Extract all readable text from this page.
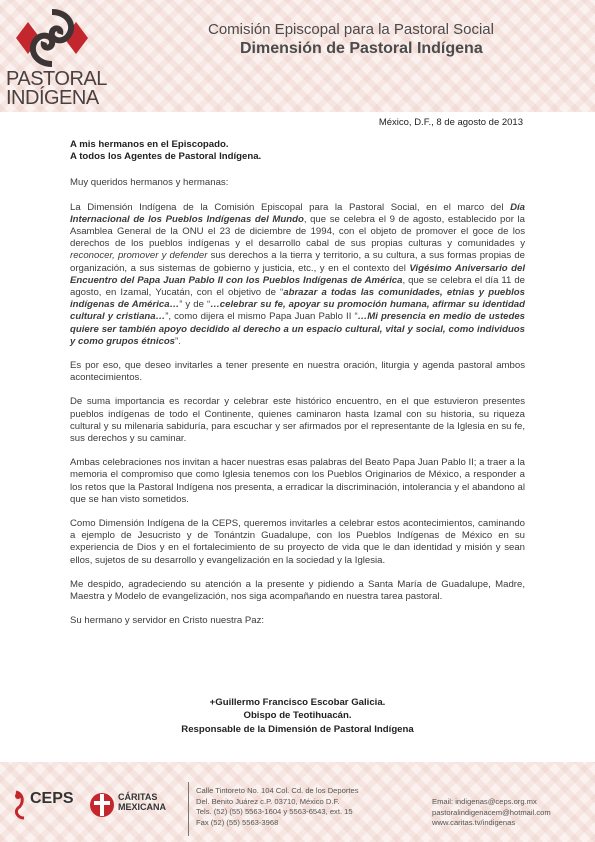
PASTORAL
INDÍGENA
Comisión Episcopal para la Pastoral Social
Dimensión de Pastoral Indígena
México, D.F., 8 de agosto de 2013
A mis hermanos en el Episcopado.
A todos los Agentes de Pastoral Indígena.

Muy queridos hermanos y hermanas:

La Dimensión Indígena de la Comisión Episcopal para la Pastoral Social, en el marco del Día Internacional de los Pueblos Indígenas del Mundo, que se celebra el 9 de agosto, establecido por la Asamblea General de la ONU el 23 de diciembre de 1994, con el objeto de promover el goce de los derechos de los pueblos indígenas y el desarrollo cabal de sus propias culturas y comunidades y reconocer, promover y defender sus derechos a la tierra y territorio, a su cultura, a sus formas propias de organización, a sus sistemas de gobierno y justicia, etc., y en el contexto del Vigésimo Aniversario del Encuentro del Papa Juan Pablo II con los Pueblos Indígenas de América, que se celebra el día 11 de agosto, en Izamal, Yucatán, con el objetivo de “abrazar a todas las comunidades, etnias y pueblos indígenas de América…” y de “…celebrar su fe, apoyar su promoción humana, afirmar su identidad cultural y cristiana…”, como dijera el mismo Papa Juan Pablo II “…Mi presencia en medio de ustedes quiere ser también apoyo decidido al derecho a un espacio cultural, vital y social, como individuos y como grupos étnicos”.

Es por eso, que deseo invitarles a tener presente en nuestra oración, liturgia y agenda pastoral ambos acontecimientos.

De suma importancia es recordar y celebrar este histórico encuentro, en el que estuvieron presentes pueblos indígenas de todo el Continente, quienes caminaron hasta Izamal con su historia, su riqueza cultural y su milenaria sabiduría, para escuchar y ser afirmados por el representante de la Iglesia en su fe, sus derechos y su caminar.

Ambas celebraciones nos invitan a hacer nuestras esas palabras del Beato Papa Juan Pablo II; a traer a la memoria el compromiso que como Iglesia tenemos con los Pueblos Originarios de México, a responder a los retos que la Pastoral Indígena nos presenta, a erradicar la discriminación, intolerancia y el abandono al que se han visto sometidos.

Como Dimensión Indígena de la CEPS, queremos invitarles a celebrar estos acontecimientos, caminando a ejemplo de Jesucristo y de Tonántzin Guadalupe, con los Pueblos Indígenas de México en su experiencia de Dios y en el fortalecimiento de su proyecto de vida que le dan identidad y misión y sean ellos, sujetos de su desarrollo y evangelización en la sociedad y la Iglesia.

Me despido, agradeciendo su atención a la presente y pidiendo a Santa María de Guadalupe, Madre, Maestra y Modelo de evangelización, nos siga acompañando en nuestra tarea pastoral.

Su hermano y servidor en Cristo nuestra Paz:

+Guillermo Francisco Escobar Galicia.
Obispo de Teotihuacán.
Responsable de la Dimensión de Pastoral Indígena
CEPS	CÁRITAS
MEXICANA
Calle Tintoreto No. 104 Col. Cd. de los Deportes
Del. Benito Juárez c.P. 03710, México D.F.
Tels. (52) (55) 5563-1604 y 5563-6543, ext. 15
Fax (52) (55) 5563-3968
Email: indigenas@ceps.org.mx
pastoralindigenacem@hotmail.com
www.caritas.tv/indigenas
